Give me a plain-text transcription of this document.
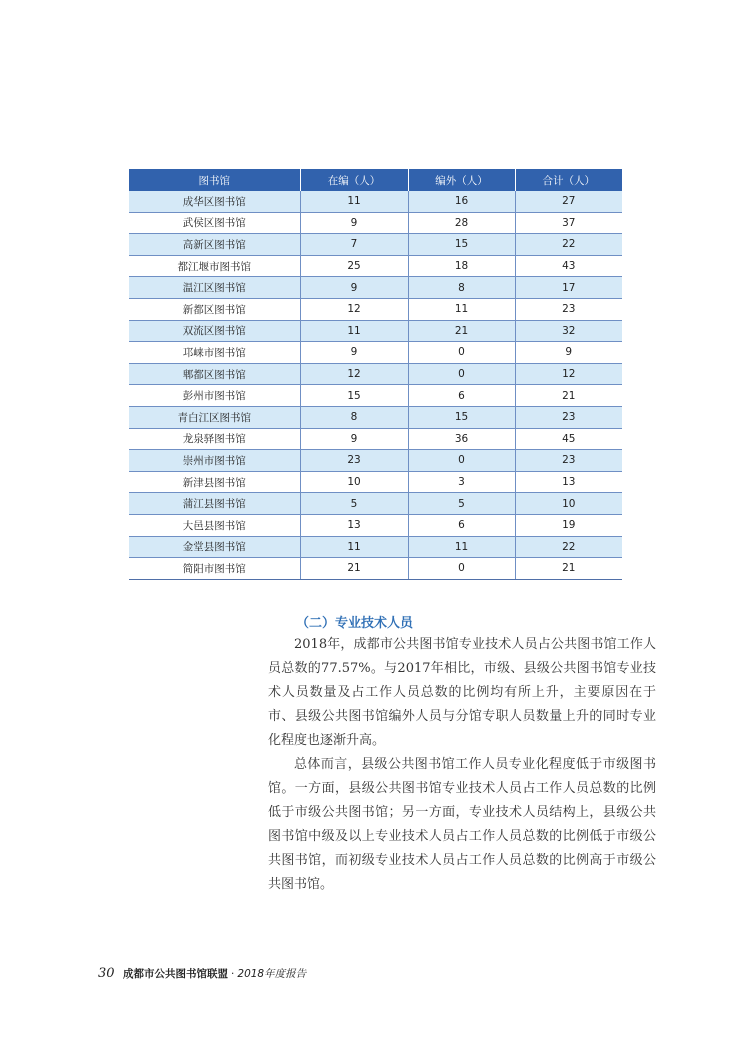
图书馆	在编（人）	编外（人）	合计（人）
成华区图书馆	11	16	27
武侯区图书馆	9	28	37
高新区图书馆	7	15	22
都江堰市图书馆	25	18	43
温江区图书馆	9	8	17
新都区图书馆	12	11	23
双流区图书馆	11	21	32
邛崃市图书馆	9	0	9
郫都区图书馆	12	0	12
彭州市图书馆	15	6	21
青白江区图书馆	8	15	23
龙泉驿图书馆	9	36	45
崇州市图书馆	23	0	23
新津县图书馆	10	3	13
蒲江县图书馆	5	5	10
大邑县图书馆	13	6	19
金堂县图书馆	11	11	22
简阳市图书馆	21	0	21
（二）专业技术人员

2018年，成都市公共图书馆专业技术人员占公共图书馆工作人员总数的77.57%。与2017年相比，市级、县级公共图书馆专业技术人员数量及占工作人员总数的比例均有所上升，主要原因在于市、县级公共图书馆编外人员与分馆专职人员数量上升的同时专业化程度也逐渐升高。

总体而言，县级公共图书馆工作人员专业化程度低于市级图书馆。一方面，县级公共图书馆专业技术人员占工作人员总数的比例低于市级公共图书馆；另一方面，专业技术人员结构上，县级公共图书馆中级及以上专业技术人员占工作人员总数的比例低于市级公共图书馆，而初级专业技术人员占工作人员总数的比例高于市级公共图书馆。

30 成都市公共图书馆联盟 · 2018年度报告
